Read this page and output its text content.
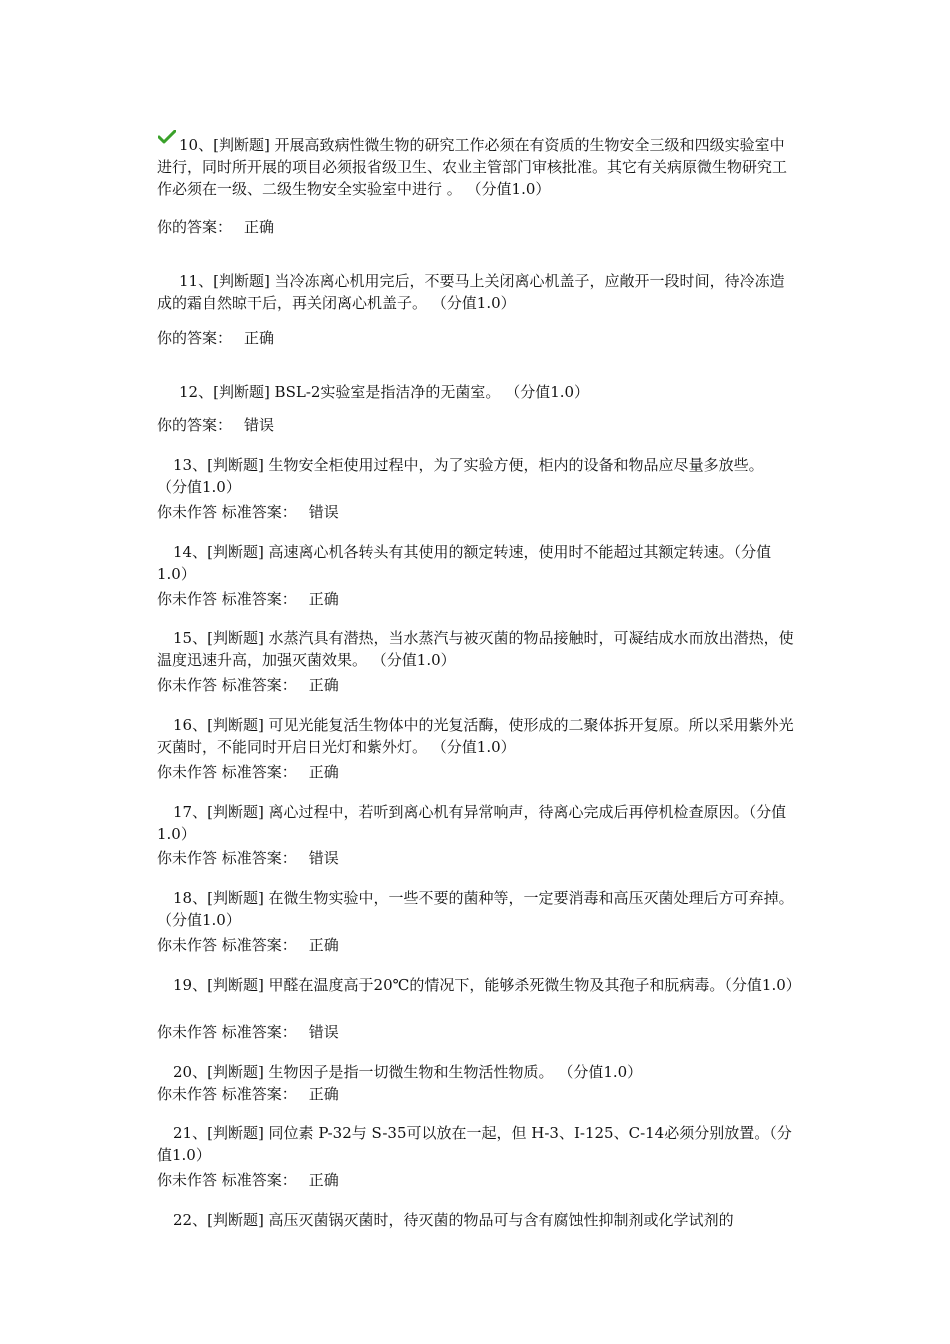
10、[判断题] 开展高致病性微生物的研究工作必须在有资质的生物安全三级和四级实验室中进行，同时所开展的项目必须报省级卫生、农业主管部门审核批准。其它有关病原微生物研究工作必须在一级、二级生物安全实验室中进行 。 （分值1.0）

你的答案： 正确

11、[判断题] 当冷冻离心机用完后，不要马上关闭离心机盖子，应敞开一段时间，待冷冻造成的霜自然晾干后，再关闭离心机盖子。 （分值1.0）

你的答案： 正确

12、[判断题] BSL-2实验室是指洁净的无菌室。 （分值1.0）

你的答案： 错误

13、[判断题] 生物安全柜使用过程中，为了实验方便，柜内的设备和物品应尽量多放些。 （分值1.0）

你未作答 标准答案： 错误

14、[判断题] 高速离心机各转头有其使用的额定转速，使用时不能超过其额定转速。（分值1.0）

你未作答 标准答案： 正确

15、[判断题] 水蒸汽具有潜热，当水蒸汽与被灭菌的物品接触时，可凝结成水而放出潜热，使温度迅速升高，加强灭菌效果。 （分值1.0）

你未作答 标准答案： 正确

16、[判断题] 可见光能复活生物体中的光复活酶，使形成的二聚体拆开复原。所以采用紫外光灭菌时，不能同时开启日光灯和紫外灯。 （分值1.0）

你未作答 标准答案： 正确

17、[判断题] 离心过程中，若听到离心机有异常响声，待离心完成后再停机检查原因。（分值1.0）

你未作答 标准答案： 错误

18、[判断题] 在微生物实验中，一些不要的菌种等，一定要消毒和高压灭菌处理后方可弃掉。 （分值1.0）

你未作答 标准答案： 正确

19、[判断题] 甲醛在温度高于20℃的情况下，能够杀死微生物及其孢子和朊病毒。（分值1.0）

你未作答 标准答案： 错误

20、[判断题] 生物因子是指一切微生物和生物活性物质。 （分值1.0）

你未作答 标准答案： 正确

21、[判断题] 同位素 P-32与 S-35可以放在一起，但 H-3、I-125、C-14必须分别放置。（分值1.0）

你未作答 标准答案： 正确

22、[判断题] 高压灭菌锅灭菌时，待灭菌的物品可与含有腐蚀性抑制剂或化学试剂的
